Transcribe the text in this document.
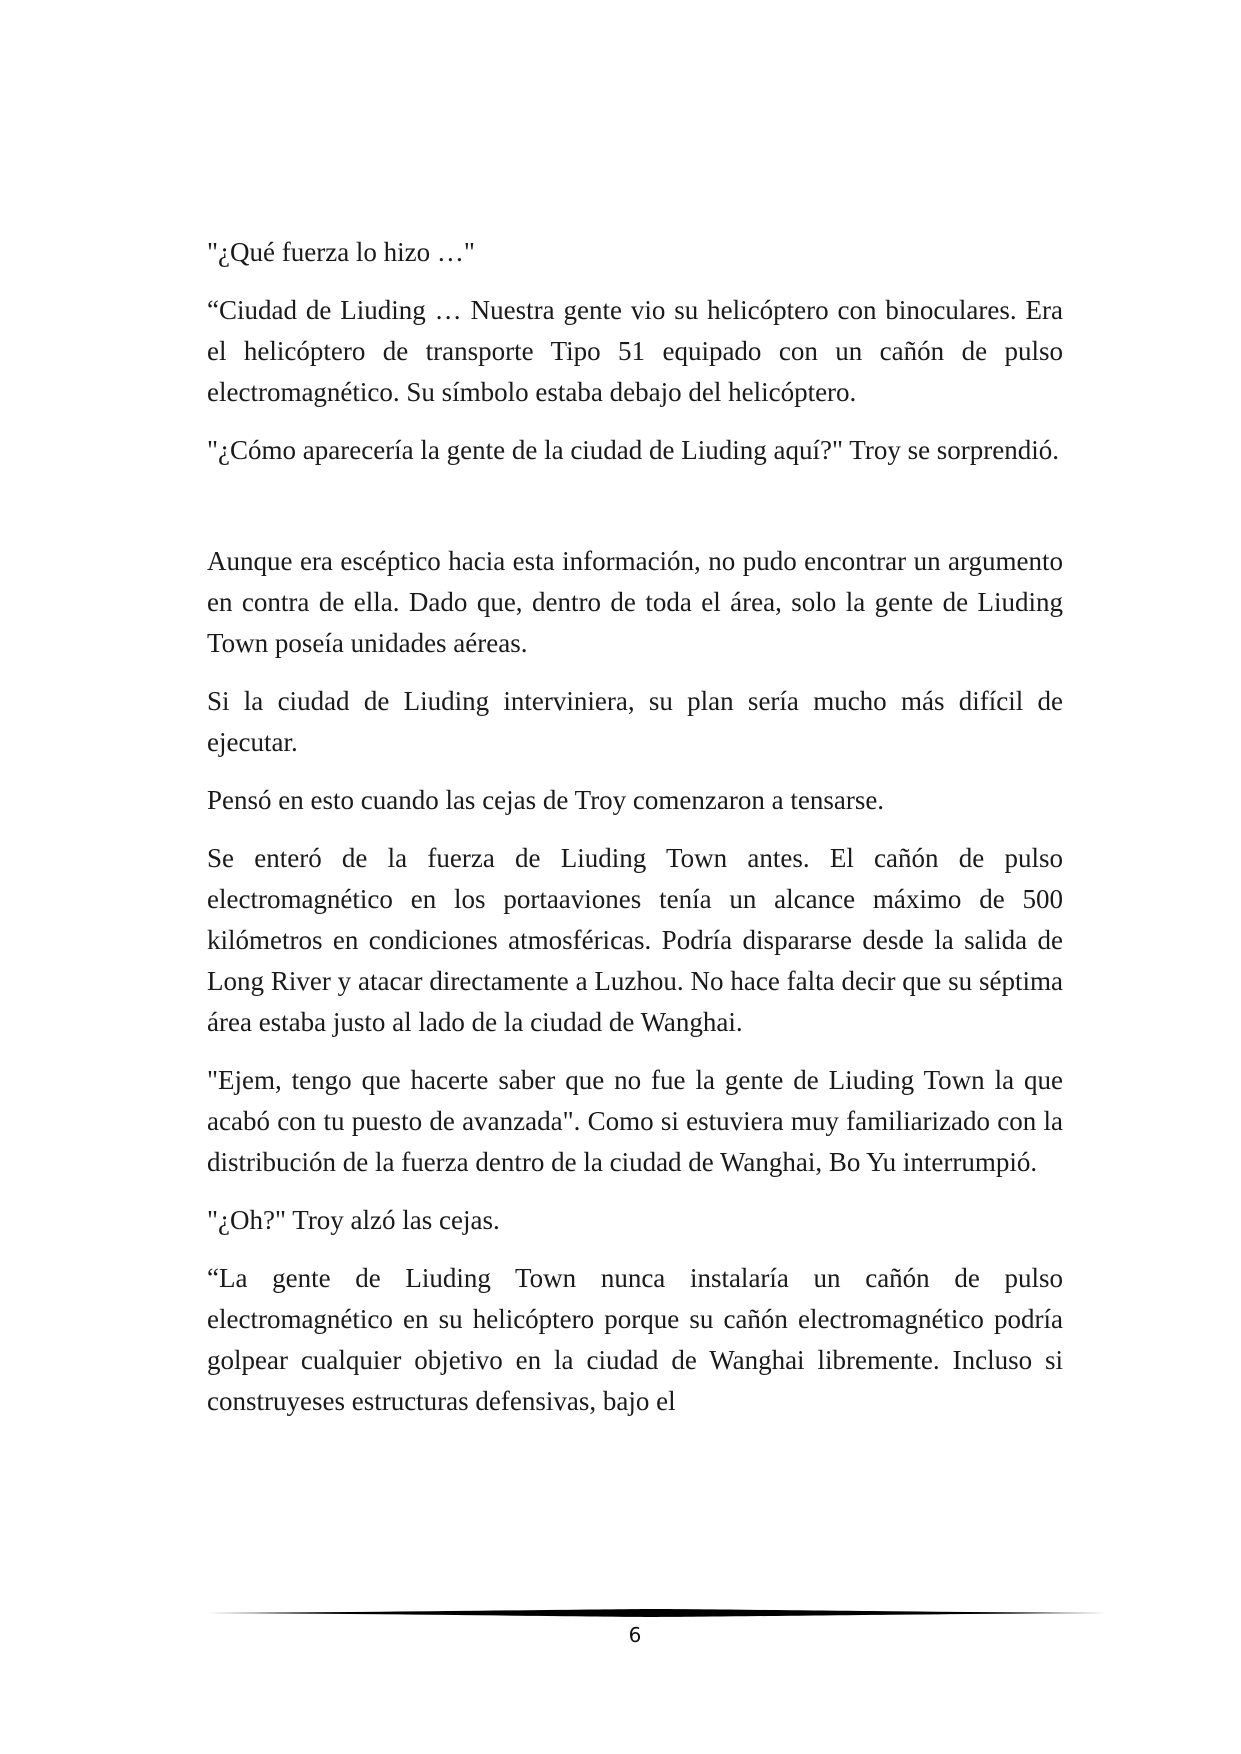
"¿Qué fuerza lo hizo …"

“Ciudad de Liuding … Nuestra gente vio su helicóptero con binoculares. Era el helicóptero de transporte Tipo 51 equipado con un cañón de pulso electromagnético. Su símbolo estaba debajo del helicóptero.

"¿Cómo aparecería la gente de la ciudad de Liuding aquí?" Troy se sorprendió.

Aunque era escéptico hacia esta información, no pudo encontrar un argumento en contra de ella. Dado que, dentro de toda el área, solo la gente de Liuding Town poseía unidades aéreas.

Si la ciudad de Liuding interviniera, su plan sería mucho más difícil de ejecutar.

Pensó en esto cuando las cejas de Troy comenzaron a tensarse.

Se enteró de la fuerza de Liuding Town antes. El cañón de pulso electromagnético en los portaaviones tenía un alcance máximo de 500 kilómetros en condiciones atmosféricas. Podría dispararse desde la salida de Long River y atacar directamente a Luzhou. No hace falta decir que su séptima área estaba justo al lado de la ciudad de Wanghai.

"Ejem, tengo que hacerte saber que no fue la gente de Liuding Town la que acabó con tu puesto de avanzada". Como si estuviera muy familiarizado con la distribución de la fuerza dentro de la ciudad de Wanghai, Bo Yu interrumpió.

"¿Oh?" Troy alzó las cejas.

“La gente de Liuding Town nunca instalaría un cañón de pulso electromagnético en su helicóptero porque su cañón electromagnético podría golpear cualquier objetivo en la ciudad de Wanghai libremente. Incluso si construyeses estructuras defensivas, bajo el

6
